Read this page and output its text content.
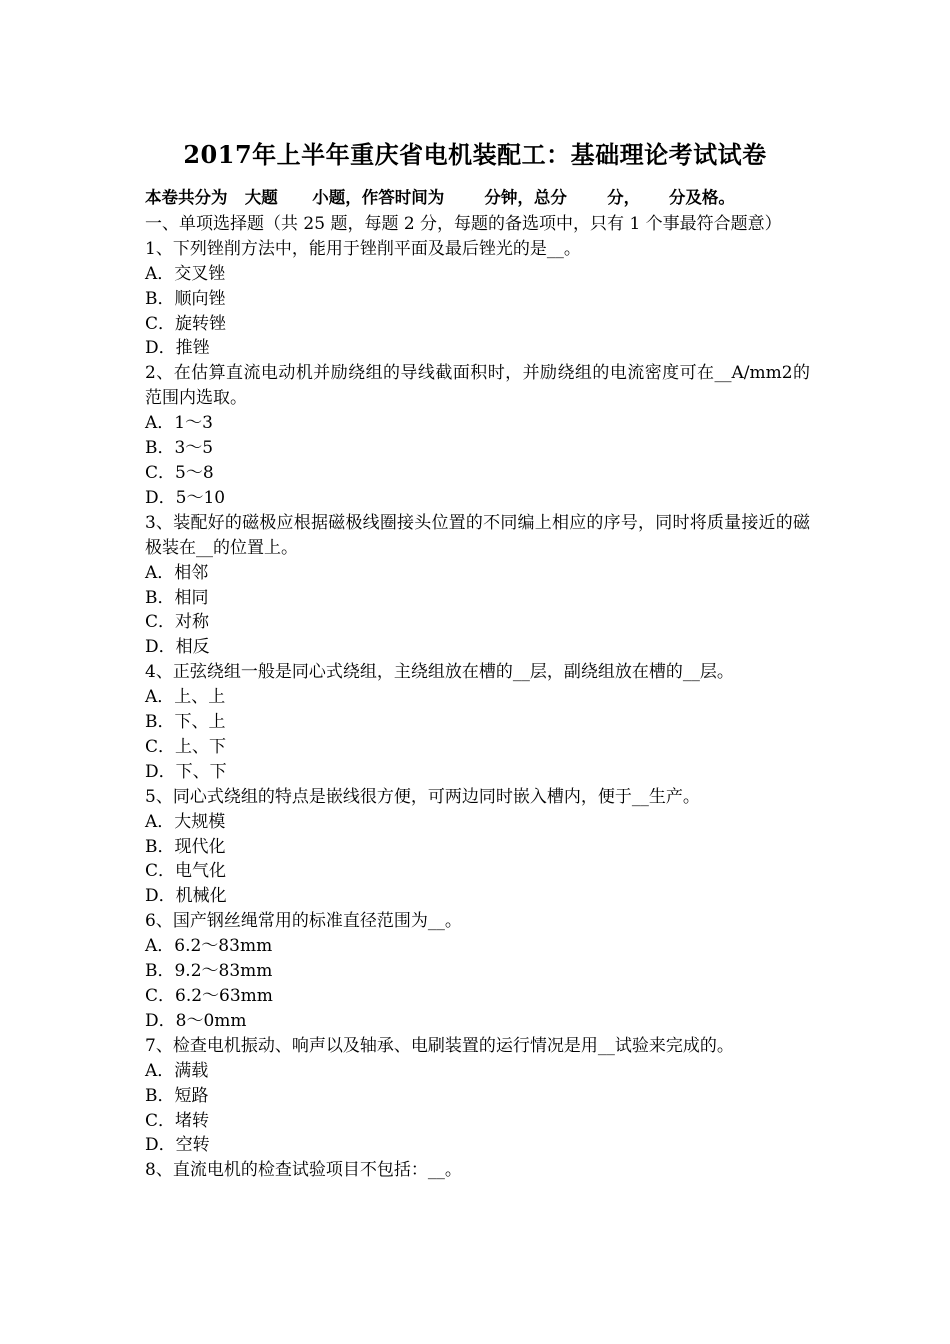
2017年上半年重庆省电机装配工：基础理论考试试卷
本卷共分为   大题      小题，作答时间为       分钟，总分       分，     分及格。
一、单项选择题（共 25 题，每题 2 分，每题的备选项中，只有 1 个事最符合题意）
1、下列锉削方法中，能用于锉削平面及最后锉光的是__。
A．交叉锉
B．顺向锉
C．旋转锉
D．推锉
2、在估算直流电动机并励绕组的导线截面积时，并励绕组的电流密度可在__A/mm2的范围内选取。
A．1～3
B．3～5
C．5～8
D．5～10
3、装配好的磁极应根据磁极线圈接头位置的不同编上相应的序号，同时将质量接近的磁极装在__的位置上。
A．相邻
B．相同
C．对称
D．相反
4、正弦绕组一般是同心式绕组，主绕组放在槽的__层，副绕组放在槽的__层。
A．上、上
B．下、上
C．上、下
D．下、下
5、同心式绕组的特点是嵌线很方便，可两边同时嵌入槽内，便于__生产。
A．大规模
B．现代化
C．电气化
D．机械化
6、国产钢丝绳常用的标准直径范围为__。
A．6.2～83mm
B．9.2～83mm
C．6.2～63mm
D．8～0mm
7、检查电机振动、响声以及轴承、电刷装置的运行情况是用__试验来完成的。
A．满载
B．短路
C．堵转
D．空转
8、直流电机的检查试验项目不包括：__。
